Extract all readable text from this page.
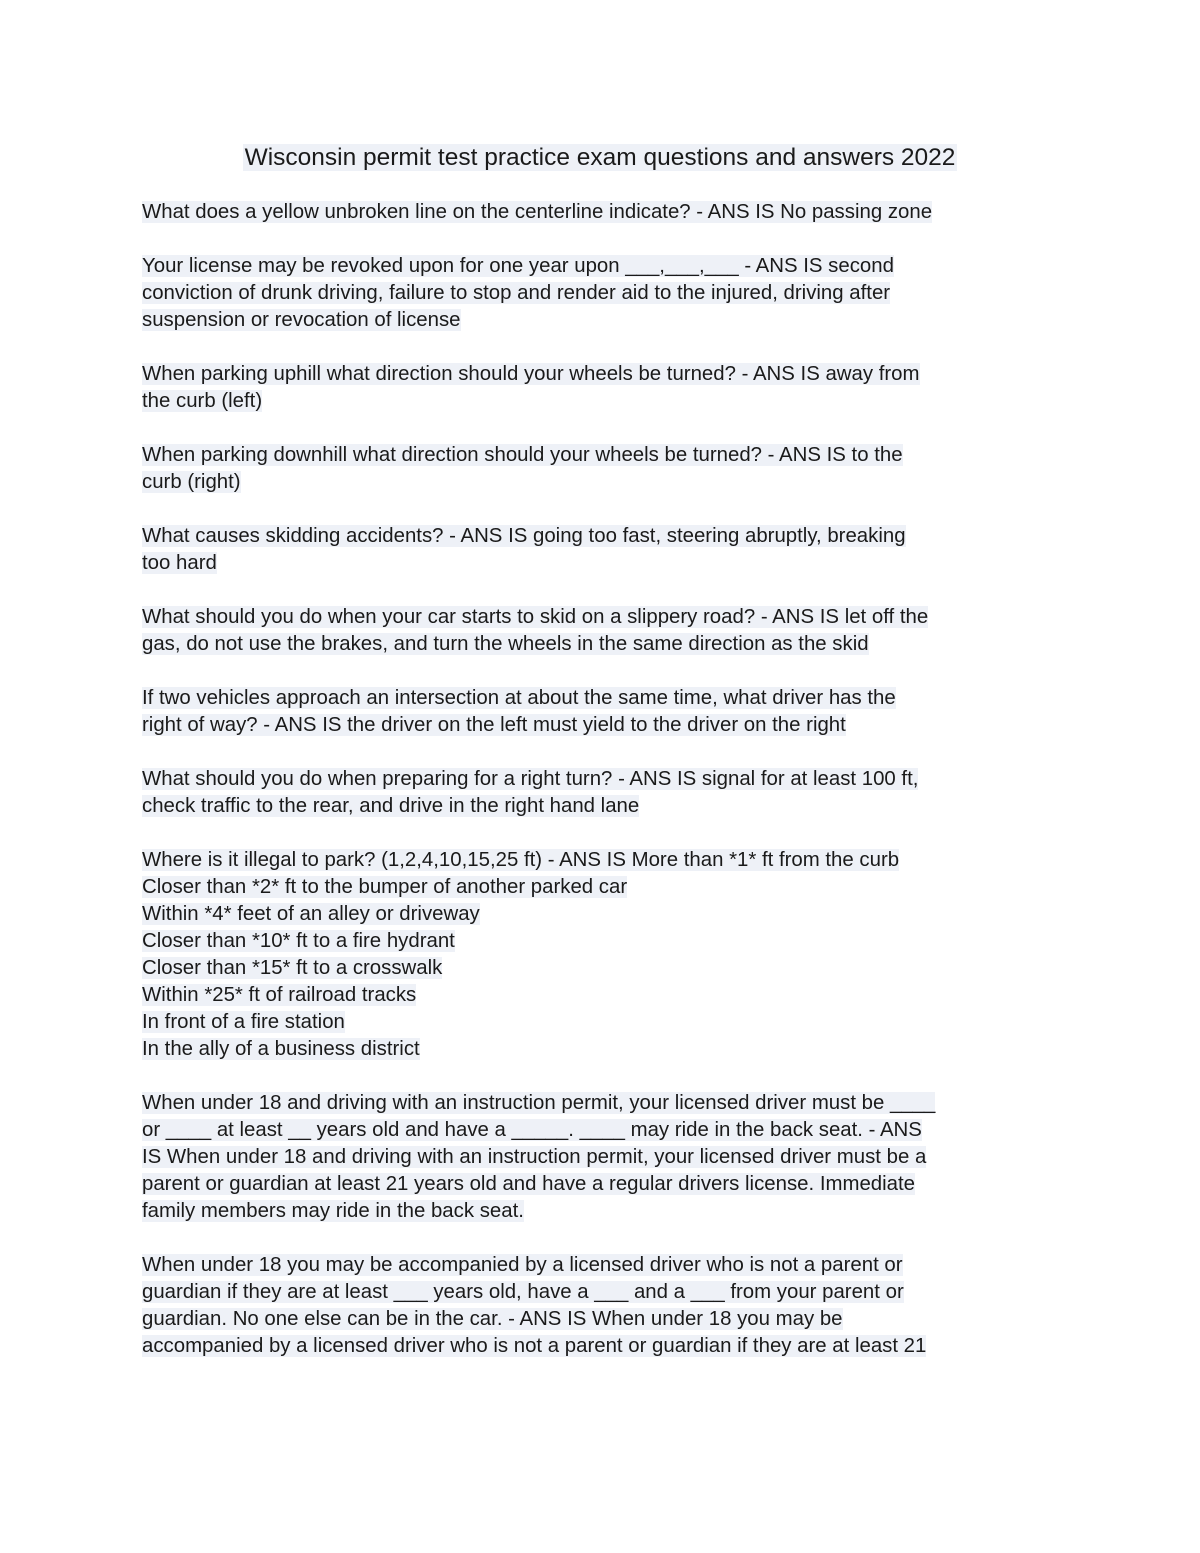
Wisconsin permit test practice exam questions and answers 2022
What does a yellow unbroken line on the centerline indicate? - ANS IS No passing zone
Your license may be revoked upon for one year upon ___,___,___ - ANS IS second
conviction of drunk driving, failure to stop and render aid to the injured, driving after
suspension or revocation of license
When parking uphill what direction should your wheels be turned? - ANS IS away from
the curb (left)
When parking downhill what direction should your wheels be turned? - ANS IS to the
curb (right)
What causes skidding accidents? - ANS IS going too fast, steering abruptly, breaking
too hard
What should you do when your car starts to skid on a slippery road? - ANS IS let off the
gas, do not use the brakes, and turn the wheels in the same direction as the skid
If two vehicles approach an intersection at about the same time, what driver has the
right of way? - ANS IS the driver on the left must yield to the driver on the right
What should you do when preparing for a right turn? - ANS IS signal for at least 100 ft,
check traffic to the rear, and drive in the right hand lane
Where is it illegal to park? (1,2,4,10,15,25 ft) - ANS IS More than *1* ft from the curb
Closer than *2* ft to the bumper of another parked car
Within *4* feet of an alley or driveway
Closer than *10* ft to a fire hydrant
Closer than *15* ft to a crosswalk
Within *25* ft of railroad tracks
In front of a fire station
In the ally of a business district
When under 18 and driving with an instruction permit, your licensed driver must be ____
or ____ at least __ years old and have a _____. ____ may ride in the back seat. - ANS
IS When under 18 and driving with an instruction permit, your licensed driver must be a
parent or guardian at least 21 years old and have a regular drivers license. Immediate
family members may ride in the back seat.
When under 18 you may be accompanied by a licensed driver who is not a parent or
guardian if they are at least ___ years old, have a ___ and a ___ from your parent or
guardian. No one else can be in the car. - ANS IS When under 18 you may be
accompanied by a licensed driver who is not a parent or guardian if they are at least 21
